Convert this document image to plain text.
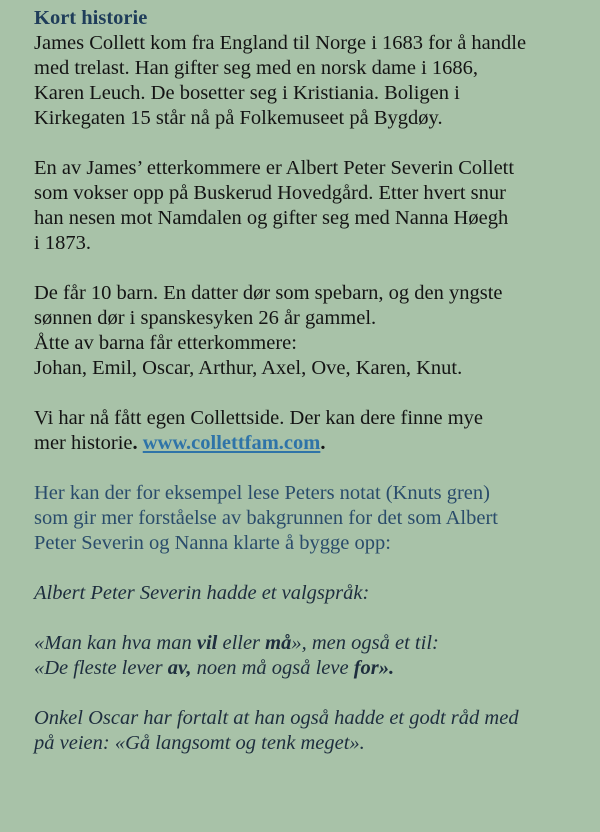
Kort historie

James Collett kom fra England til Norge i 1683 for å handle

med trelast. Han gifter seg med en norsk dame i 1686,

Karen Leuch. De bosetter seg i Kristiania. Boligen i

Kirkegaten 15 står nå på Folkemuseet på Bygdøy.

En av James’ etterkommere er Albert Peter Severin Collett

som vokser opp på Buskerud Hovedgård. Etter hvert snur

han nesen mot Namdalen og gifter seg med Nanna Høegh

i 1873.

De får 10 barn. En datter dør som spebarn, og den yngste

sønnen dør i spanskesyken 26 år gammel.

Åtte av barna får etterkommere:

Johan, Emil, Oscar, Arthur, Axel, Ove, Karen, Knut.

Vi har nå fått egen Collettside. Der kan dere finne mye

mer historie. www.collettfam.com.

Her kan der for eksempel lese Peters notat (Knuts gren)

som gir mer forståelse av bakgrunnen for det som Albert

Peter Severin og Nanna klarte å bygge opp:

Albert Peter Severin hadde et valgspråk:

«Man kan hva man vil eller må», men også et til:

«De fleste lever av, noen må også leve for».

Onkel Oscar har fortalt at han også hadde et godt råd med

på veien: «Gå langsomt og tenk meget».
